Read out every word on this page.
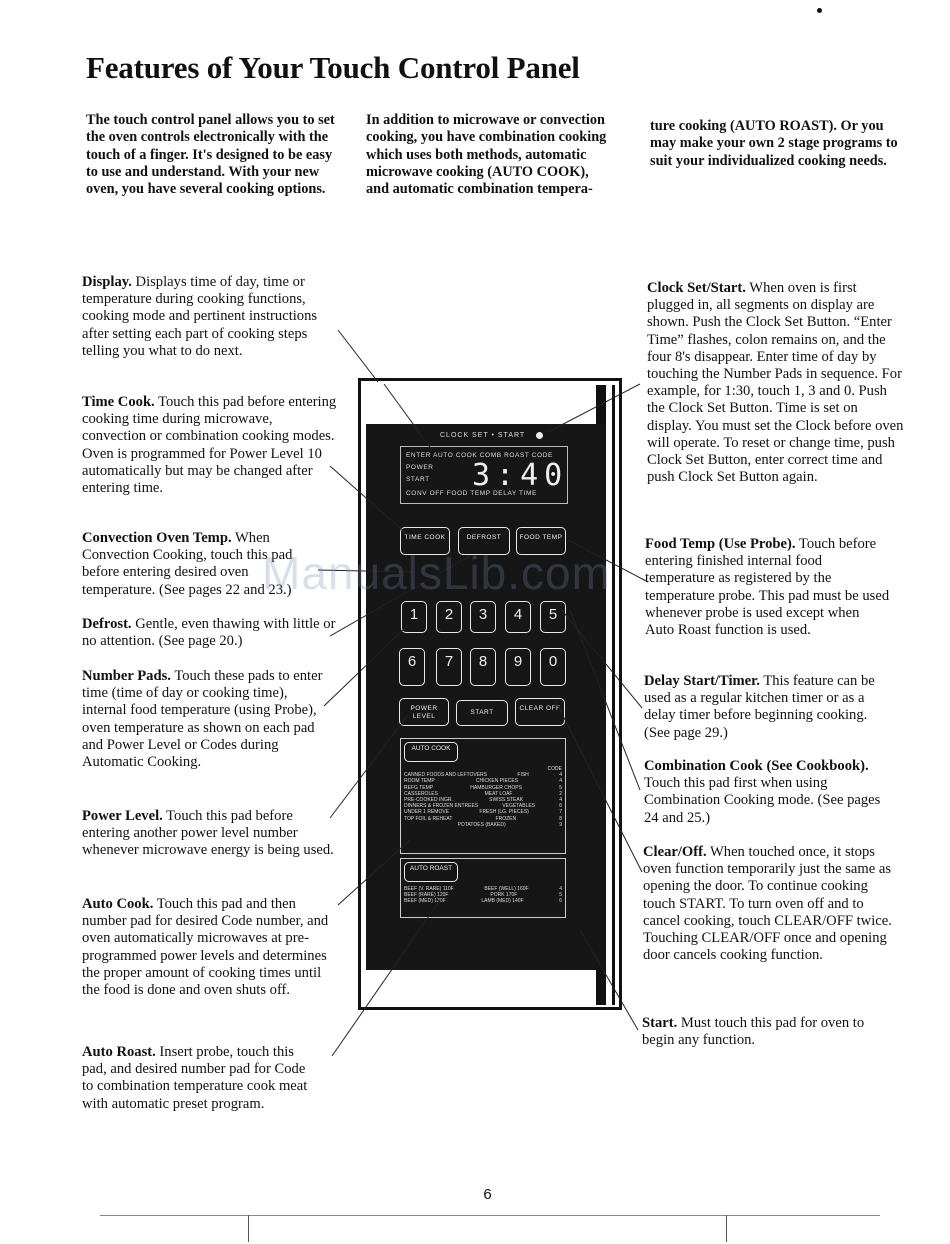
Features of Your Touch Control Panel
The touch control panel allows you to set the oven controls electronically with the touch of a finger. It's designed to be easy to use and understand. With your new oven, you have several cooking options.
In addition to microwave or convection cooking, you have combination cooking which uses both methods, automatic microwave cooking (AUTO COOK), and automatic combination tempera-
ture cooking (AUTO ROAST). Or you may make your own 2 stage programs to suit your individualized cooking needs.
Display. Displays time of day, time or temperature during cooking functions, cooking mode and pertinent instructions after setting each part of cooking steps telling you what to do next.
Time Cook. Touch this pad before entering cooking time during microwave, convection or combination cooking modes. Oven is programmed for Power Level 10 automatically but may be changed after entering time.
Convection Oven Temp. When Convection Cooking, touch this pad before entering desired oven temperature. (See pages 22 and 23.)
Defrost. Gentle, even thawing with little or no attention. (See page 20.)
Number Pads. Touch these pads to enter time (time of day or cooking time), internal food temperature (using Probe), oven temperature as shown on each pad and Power Level or Codes during Automatic Cooking.
Power Level. Touch this pad before entering another power level number whenever microwave energy is being used.
Auto Cook. Touch this pad and then number pad for desired Code number, and oven automatically microwaves at pre-programmed power levels and determines the proper amount of cooking times until the food is done and oven shuts off.
Auto Roast. Insert probe, touch this pad, and desired number pad for Code to combination temperature cook meat with automatic preset program.
Clock Set/Start. When oven is first plugged in, all segments on display are shown. Push the Clock Set Button. “Enter Time” flashes, colon remains on, and the four 8's disappear. Enter time of day by touching the Number Pads in sequence. For example, for 1:30, touch 1, 3 and 0. Push the Clock Set Button. Time is set on display. You must set the Clock before oven will operate. To reset or change time, push Clock Set Button, enter correct time and push Clock Set Button again.
Food Temp (Use Probe). Touch before entering finished internal food temperature as registered by the temperature probe. This pad must be used whenever probe is used except when Auto Roast function is used.
Delay Start/Timer. This feature can be used as a regular kitchen timer or as a delay timer before beginning cooking. (See page 29.)
Combination Cook (See Cookbook). Touch this pad first when using Combination Cooking mode. (See pages 24 and 25.)
Clear/Off. When touched once, it stops oven function temporarily just the same as opening the door. To continue cooking touch START. To turn oven off and to cancel cooking, touch CLEAR/OFF twice. Touching CLEAR/OFF once and opening door cancels cooking function.
Start. Must touch this pad for oven to begin any function.
CLOCK SET • START
ENTER AUTO COOK COMB ROAST CODE
POWER
START
CONV OFF FOOD TEMP DELAY TIME
3:40
TIME COOK	DEFROST	FOOD TEMP
1	2	3	4	5
6	7	8	9	0
POWER LEVEL
START
CLEAR OFF
AUTO COOK
CODE
CANNED FOODS AND LEFTOVERS	FISH	4
ROOM TEMP	CHICKEN PIECES	4
REFG TEMP	HAMBURGER CHOPS	5
CASSEROLES	MEAT LOAF	2
PRE-COOKED INGR.	SWISS STEAK	4
DINNERS & FROZEN ENTREES	VEGETABLES	6
UNDER 1 REMOVE	FRESH (LG. PIECES)	7
TOP FOIL & REHEAT	FROZEN	8
POTATOES (BAKED)	9
AUTO ROAST
BEEF (V. RARE) 110F	BEEF (WELL) 160F	4
BEEF (RARE) 120F	PORK 170F	5
BEEF (MED) 130F	LAMB (MED) 140F	6
ManualsLib.com
6
